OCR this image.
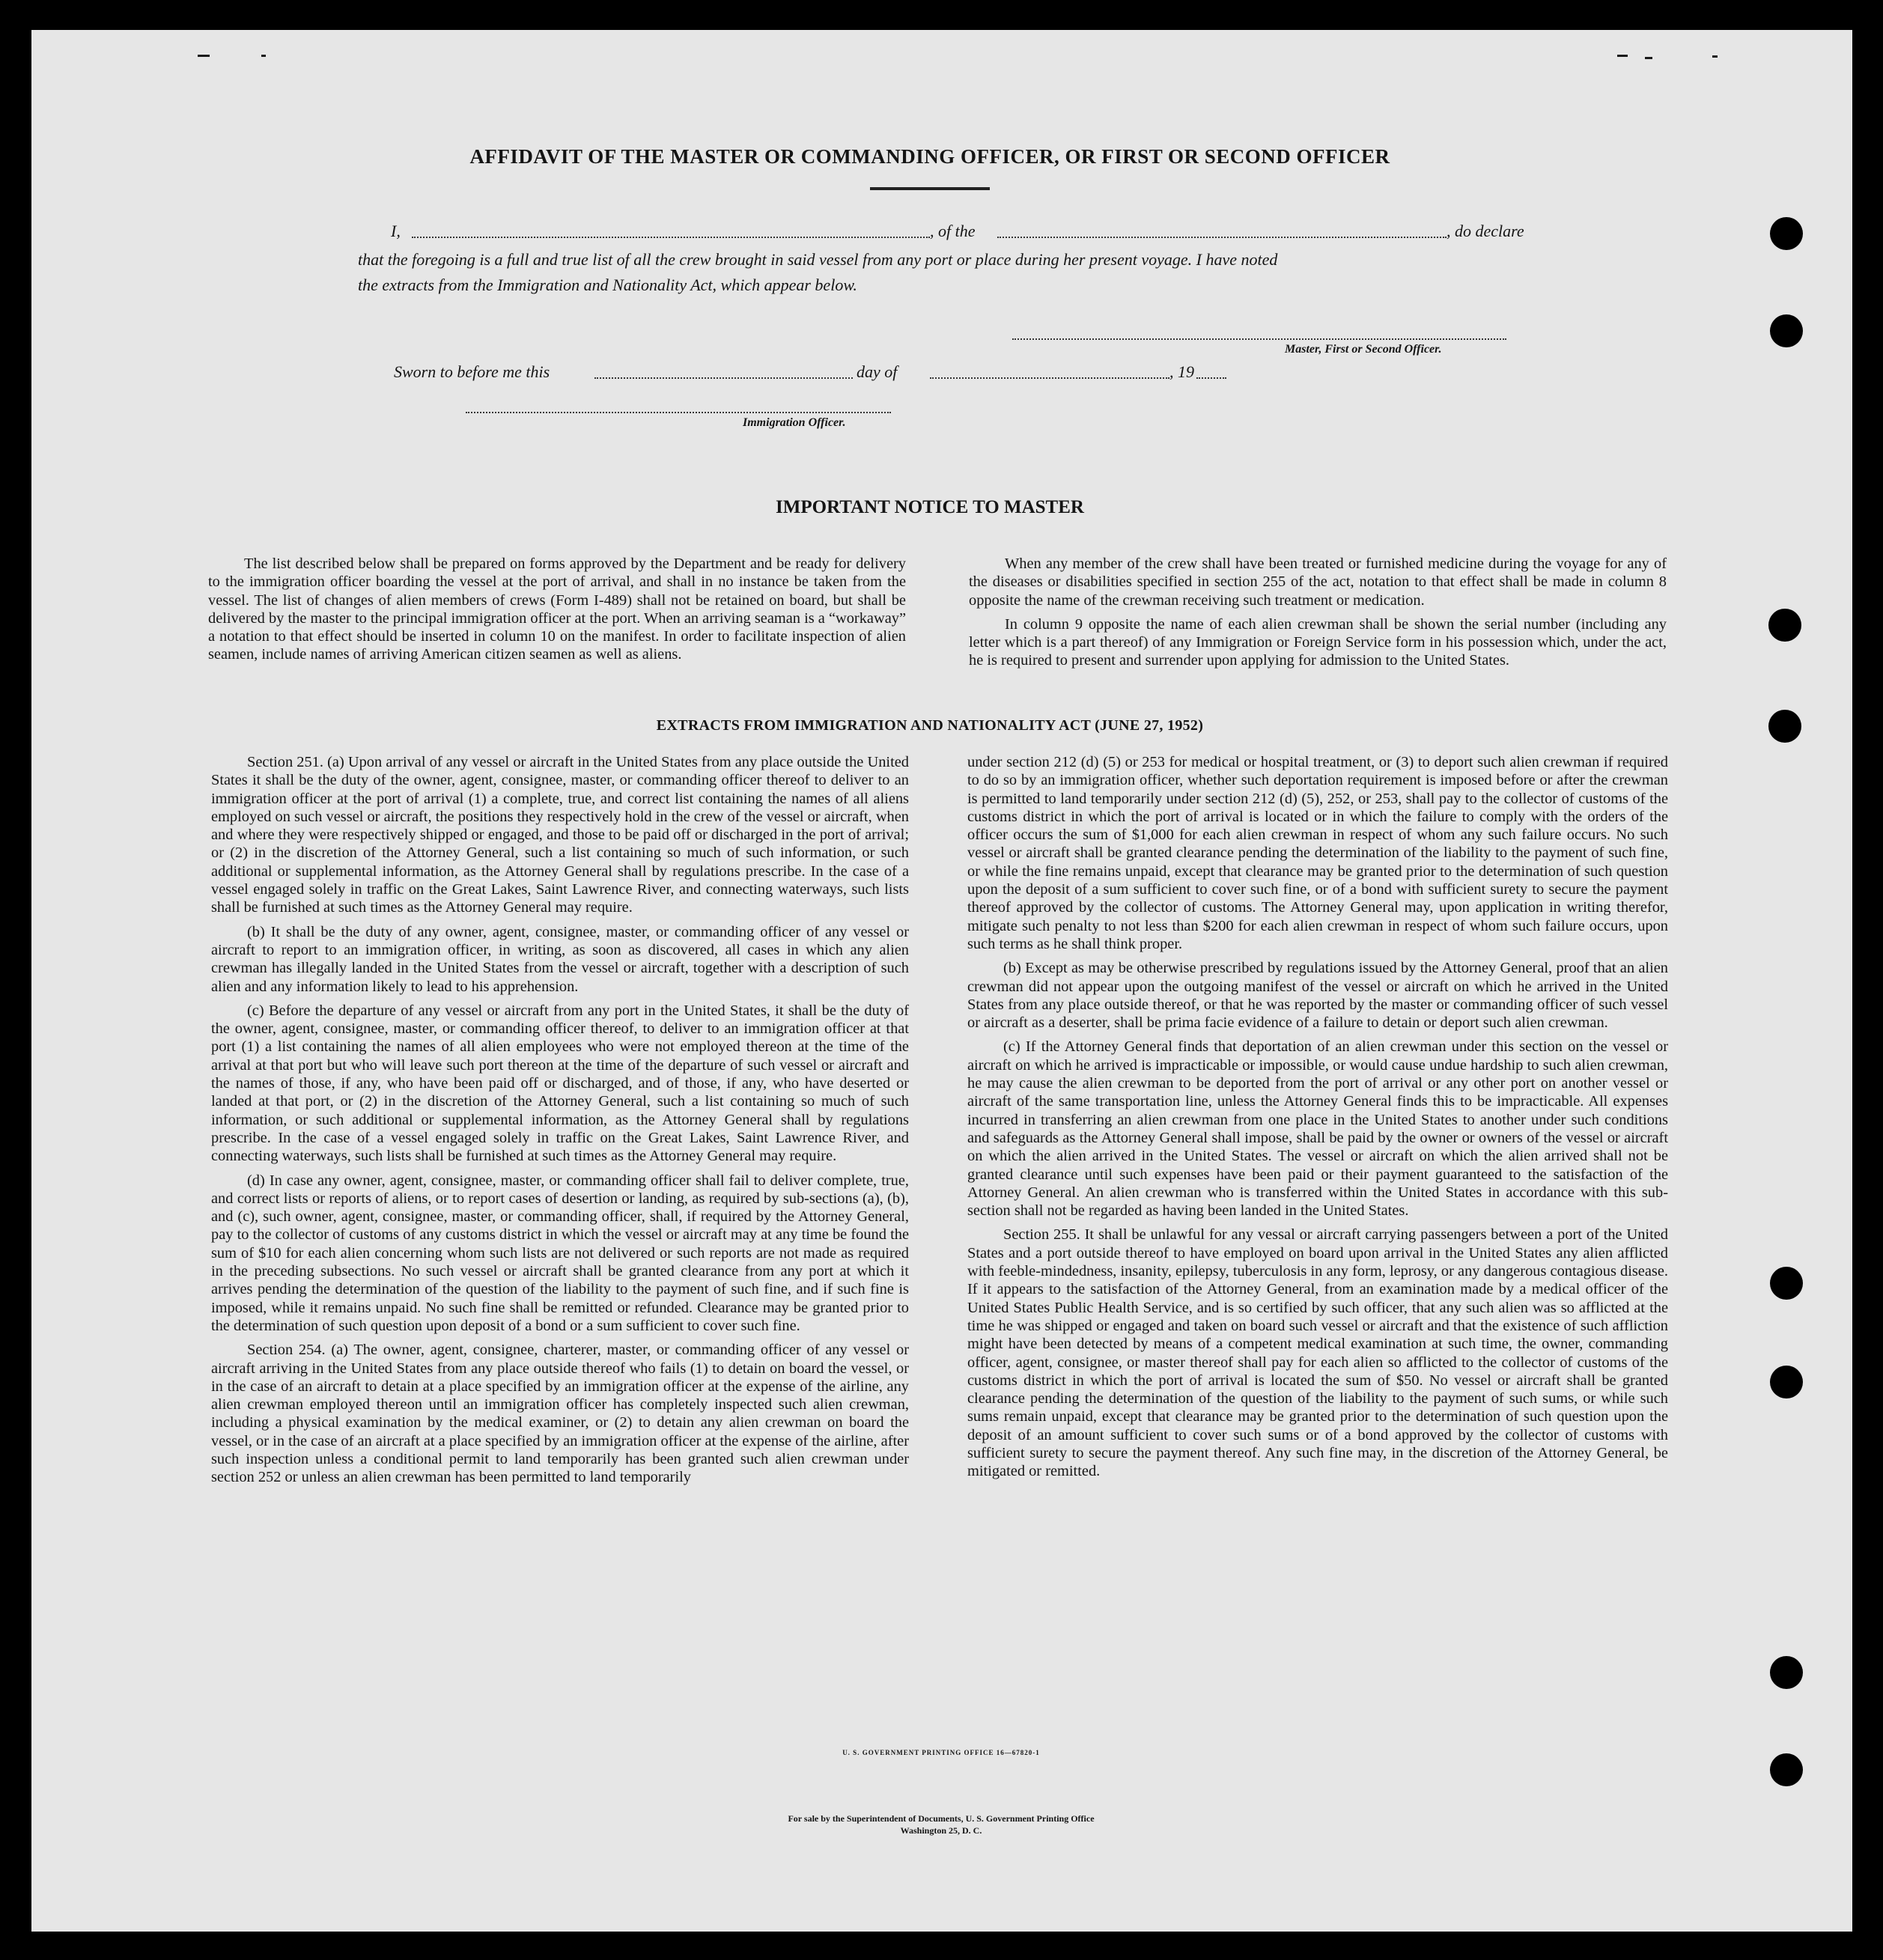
AFFIDAVIT OF THE MASTER OR COMMANDING OFFICER, OR FIRST OR SECOND OFFICER
I,	, of the	, do declare
that the foregoing is a full and true list of all the crew brought in said vessel from any port or place during her present voyage. I have noted
the extracts from the Immigration and Nationality Act, which appear below.
Master, First or Second Officer.
Sworn to before me this	day of	, 19
Immigration Officer.
IMPORTANT NOTICE TO MASTER

The list described below shall be prepared on forms approved by the Department and be ready for delivery to the immigration officer boarding the vessel at the port of arrival, and shall in no instance be taken from the vessel. The list of changes of alien members of crews (Form I-489) shall not be retained on board, but shall be delivered by the master to the principal immigration officer at the port. When an arriving seaman is a “workaway” a notation to that effect should be inserted in column 10 on the manifest. In order to facilitate inspection of alien seamen, include names of arriving American citizen seamen as well as aliens.

When any member of the crew shall have been treated or furnished medicine during the voyage for any of the diseases or disabilities specified in section 255 of the act, notation to that effect shall be made in column 8 opposite the name of the crewman receiving such treatment or medication.

In column 9 opposite the name of each alien crewman shall be shown the serial number (including any letter which is a part thereof) of any Immigration or Foreign Service form in his possession which, under the act, he is required to present and surrender upon applying for admission to the United States.

EXTRACTS FROM IMMIGRATION AND NATIONALITY ACT (JUNE 27, 1952)

Section 251. (a) Upon arrival of any vessel or aircraft in the United States from any place outside the United States it shall be the duty of the owner, agent, consignee, master, or commanding officer thereof to deliver to an immigration officer at the port of arrival (1) a complete, true, and correct list containing the names of all aliens employed on such vessel or aircraft, the positions they respectively hold in the crew of the vessel or aircraft, when and where they were respectively shipped or engaged, and those to be paid off or discharged in the port of arrival; or (2) in the discretion of the Attorney General, such a list containing so much of such information, or such additional or supplemental information, as the Attorney General shall by regulations prescribe. In the case of a vessel engaged solely in traffic on the Great Lakes, Saint Lawrence River, and connecting waterways, such lists shall be furnished at such times as the Attorney General may require.

(b) It shall be the duty of any owner, agent, consignee, master, or commanding officer of any vessel or aircraft to report to an immigration officer, in writing, as soon as discovered, all cases in which any alien crewman has illegally landed in the United States from the vessel or aircraft, together with a description of such alien and any information likely to lead to his apprehension.

(c) Before the departure of any vessel or aircraft from any port in the United States, it shall be the duty of the owner, agent, consignee, master, or commanding officer thereof, to deliver to an immigration officer at that port (1) a list containing the names of all alien employees who were not employed thereon at the time of the arrival at that port but who will leave such port thereon at the time of the departure of such vessel or aircraft and the names of those, if any, who have been paid off or discharged, and of those, if any, who have deserted or landed at that port, or (2) in the discretion of the Attorney General, such a list containing so much of such information, or such additional or supplemental information, as the Attorney General shall by regulations prescribe. In the case of a vessel engaged solely in traffic on the Great Lakes, Saint Lawrence River, and connecting waterways, such lists shall be furnished at such times as the Attorney General may require.

(d) In case any owner, agent, consignee, master, or commanding officer shall fail to deliver complete, true, and correct lists or reports of aliens, or to report cases of desertion or landing, as required by sub-sections (a), (b), and (c), such owner, agent, consignee, master, or commanding officer, shall, if required by the Attorney General, pay to the collector of customs of any customs district in which the vessel or aircraft may at any time be found the sum of $10 for each alien concerning whom such lists are not delivered or such reports are not made as required in the preceding subsections. No such vessel or aircraft shall be granted clearance from any port at which it arrives pending the determination of the question of the liability to the payment of such fine, and if such fine is imposed, while it remains unpaid. No such fine shall be remitted or refunded. Clearance may be granted prior to the determination of such question upon deposit of a bond or a sum sufficient to cover such fine.

Section 254. (a) The owner, agent, consignee, charterer, master, or commanding officer of any vessel or aircraft arriving in the United States from any place outside thereof who fails (1) to detain on board the vessel, or in the case of an aircraft to detain at a place specified by an immigration officer at the expense of the airline, any alien crewman employed thereon until an immigration officer has completely inspected such alien crewman, including a physical examination by the medical examiner, or (2) to detain any alien crewman on board the vessel, or in the case of an aircraft at a place specified by an immigration officer at the expense of the airline, after such inspection unless a conditional permit to land temporarily has been granted such alien crewman under section 252 or unless an alien crewman has been permitted to land temporarily

under section 212 (d) (5) or 253 for medical or hospital treatment, or (3) to deport such alien crewman if required to do so by an immigration officer, whether such deportation requirement is imposed before or after the crewman is permitted to land temporarily under section 212 (d) (5), 252, or 253, shall pay to the collector of customs of the customs district in which the port of arrival is located or in which the failure to comply with the orders of the officer occurs the sum of $1,000 for each alien crewman in respect of whom any such failure occurs. No such vessel or aircraft shall be granted clearance pending the determination of the liability to the payment of such fine, or while the fine remains unpaid, except that clearance may be granted prior to the determination of such question upon the deposit of a sum sufficient to cover such fine, or of a bond with sufficient surety to secure the payment thereof approved by the collector of customs. The Attorney General may, upon application in writing therefor, mitigate such penalty to not less than $200 for each alien crewman in respect of whom such failure occurs, upon such terms as he shall think proper.

(b) Except as may be otherwise prescribed by regulations issued by the Attorney General, proof that an alien crewman did not appear upon the outgoing manifest of the vessel or aircraft on which he arrived in the United States from any place outside thereof, or that he was reported by the master or commanding officer of such vessel or aircraft as a deserter, shall be prima facie evidence of a failure to detain or deport such alien crewman.

(c) If the Attorney General finds that deportation of an alien crewman under this section on the vessel or aircraft on which he arrived is impracticable or impossible, or would cause undue hardship to such alien crewman, he may cause the alien crewman to be deported from the port of arrival or any other port on another vessel or aircraft of the same transportation line, unless the Attorney General finds this to be impracticable. All expenses incurred in transferring an alien crewman from one place in the United States to another under such conditions and safeguards as the Attorney General shall impose, shall be paid by the owner or owners of the vessel or aircraft on which the alien arrived in the United States. The vessel or aircraft on which the alien arrived shall not be granted clearance until such expenses have been paid or their payment guaranteed to the satisfaction of the Attorney General. An alien crewman who is transferred within the United States in accordance with this sub-section shall not be regarded as having been landed in the United States.

Section 255. It shall be unlawful for any vessal or aircraft carrying passengers between a port of the United States and a port outside thereof to have employed on board upon arrival in the United States any alien afflicted with feeble-mindedness, insanity, epilepsy, tuberculosis in any form, leprosy, or any dangerous contagious disease. If it appears to the satisfaction of the Attorney General, from an examination made by a medical officer of the United States Public Health Service, and is so certified by such officer, that any such alien was so afflicted at the time he was shipped or engaged and taken on board such vessel or aircraft and that the existence of such affliction might have been detected by means of a competent medical examination at such time, the owner, commanding officer, agent, consignee, or master thereof shall pay for each alien so afflicted to the collector of customs of the customs district in which the port of arrival is located the sum of $50. No vessel or aircraft shall be granted clearance pending the determination of the question of the liability to the payment of such sums, or while such sums remain unpaid, except that clearance may be granted prior to the determination of such question upon the deposit of an amount sufficient to cover such sums or of a bond approved by the collector of customs with sufficient surety to secure the payment thereof. Any such fine may, in the discretion of the Attorney General, be mitigated or remitted.

U. S. GOVERNMENT PRINTING OFFICE 16—67820-1
For sale by the Superintendent of Documents, U. S. Government Printing Office
Washington 25, D. C.
